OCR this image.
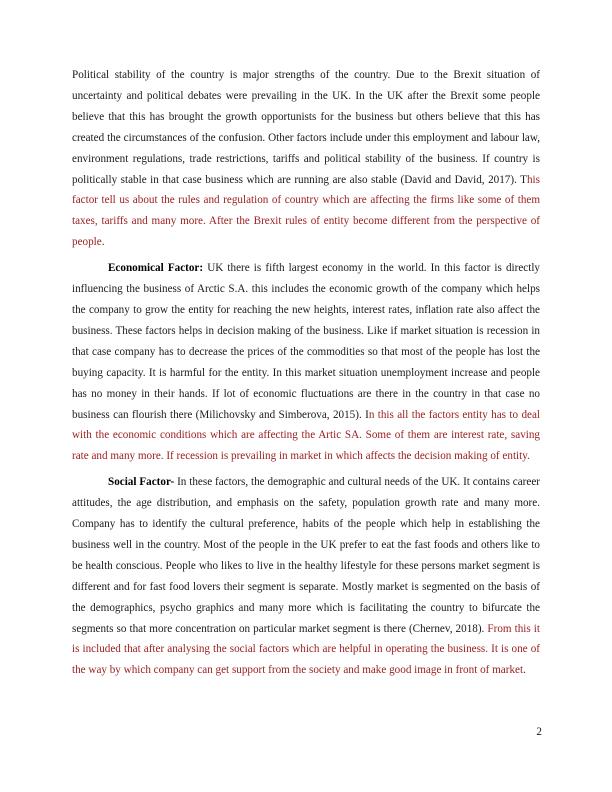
Political stability of the country is major strengths of the country. Due to the Brexit situation of uncertainty and political debates were prevailing in the UK. In the UK after the Brexit some people believe that this has brought the growth opportunists for the business but others believe that this has created the circumstances of the confusion. Other factors include under this employment and labour law, environment regulations, trade restrictions, tariffs and political stability of the business. If country is politically stable in that case business which are running are also stable (David and David, 2017). This factor tell us about the rules and regulation of country which are affecting the firms like some of them taxes, tariffs and many more. After the Brexit rules of entity become different from the perspective of people.

Economical Factor: UK there is fifth largest economy in the world. In this factor is directly influencing the business of Arctic S.A. this includes the economic growth of the company which helps the company to grow the entity for reaching the new heights, interest rates, inflation rate also affect the business. These factors helps in decision making of the business. Like if market situation is recession in that case company has to decrease the prices of the commodities so that most of the people has lost the buying capacity. It is harmful for the entity. In this market situation unemployment increase and people has no money in their hands. If lot of economic fluctuations are there in the country in that case no business can flourish there (Milichovsky and Simberova, 2015). In this all the factors entity has to deal with the economic conditions which are affecting the Artic SA. Some of them are interest rate, saving rate and many more. If recession is prevailing in market in which affects the decision making of entity.

Social Factor- In these factors, the demographic and cultural needs of the UK. It contains career attitudes, the age distribution, and emphasis on the safety, population growth rate and many more. Company has to identify the cultural preference, habits of the people which help in establishing the business well in the country. Most of the people in the UK prefer to eat the fast foods and others like to be health conscious. People who likes to live in the healthy lifestyle for these persons market segment is different and for fast food lovers their segment is separate. Mostly market is segmented on the basis of the demographics, psycho graphics and many more which is facilitating the country to bifurcate the segments so that more concentration on particular market segment is there (Chernev, 2018). From this it is included that after analysing the social factors which are helpful in operating the business. It is one of the way by which company can get support from the society and make good image in front of market.

2
